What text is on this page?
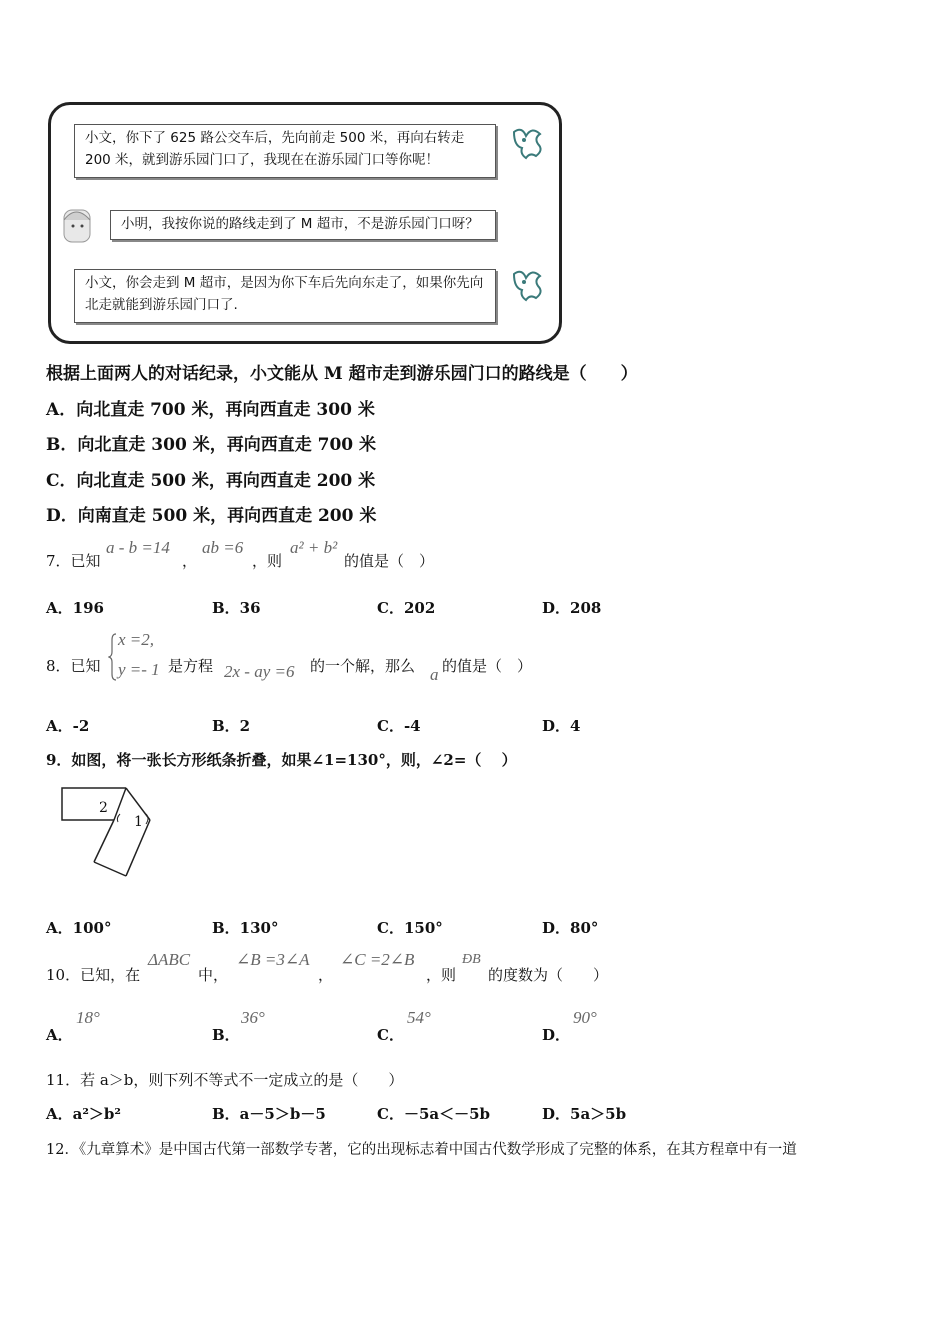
小文，你下了 625 路公交车后，先向前走 500 米，再向右转走 200 米，就到游乐园门口了，我现在在游乐园门口等你呢！
小明，我按你说的路线走到了 M 超市，不是游乐园门口呀？
小文，你会走到 M 超市，是因为你下车后先向东走了，如果你先向北走就能到游乐园门口了.
根据上面两人的对话纪录，小文能从 M 超市走到游乐园门口的路线是（　　）
A．向北直走 700 米，再向西直走 300 米
B．向北直走 300 米，再向西直走 700 米
C．向北直走 500 米，再向西直走 200 米
D．向南直走 500 米，再向西直走 200 米
7．已知
a - b =14
，
ab =6
，则
a² + b²
的值是（　）
A．196	B．36	C．202	D．208
8．已知
x =2,
y =- 1 是方程 2x - ay =6 的一个解，那么 a 的值是（　）
A．-2	B．2	C．-4	D．4
9．如图，将一张长方形纸条折叠，如果∠1=130°，则，∠2=（　 ）
2
1
A．100°	B．130°	C．150°	D．80°
10．已知，在
ΔABC
中，
∠B =3∠A
，
∠C =2∠B
，则
ÐB
的度数为（　　）
A．
18°
B．
36°
C．
54°
D．
90°
11．若 a＞b，则下列不等式不一定成立的是（　　）
A．a²＞b²	B．a－5＞b－5	C．－5a＜－5b	D．5a＞5b
12．《九章算术》是中国古代第一部数学专著，它的出现标志着中国古代数学形成了完整的体系，在其方程章中有一道
